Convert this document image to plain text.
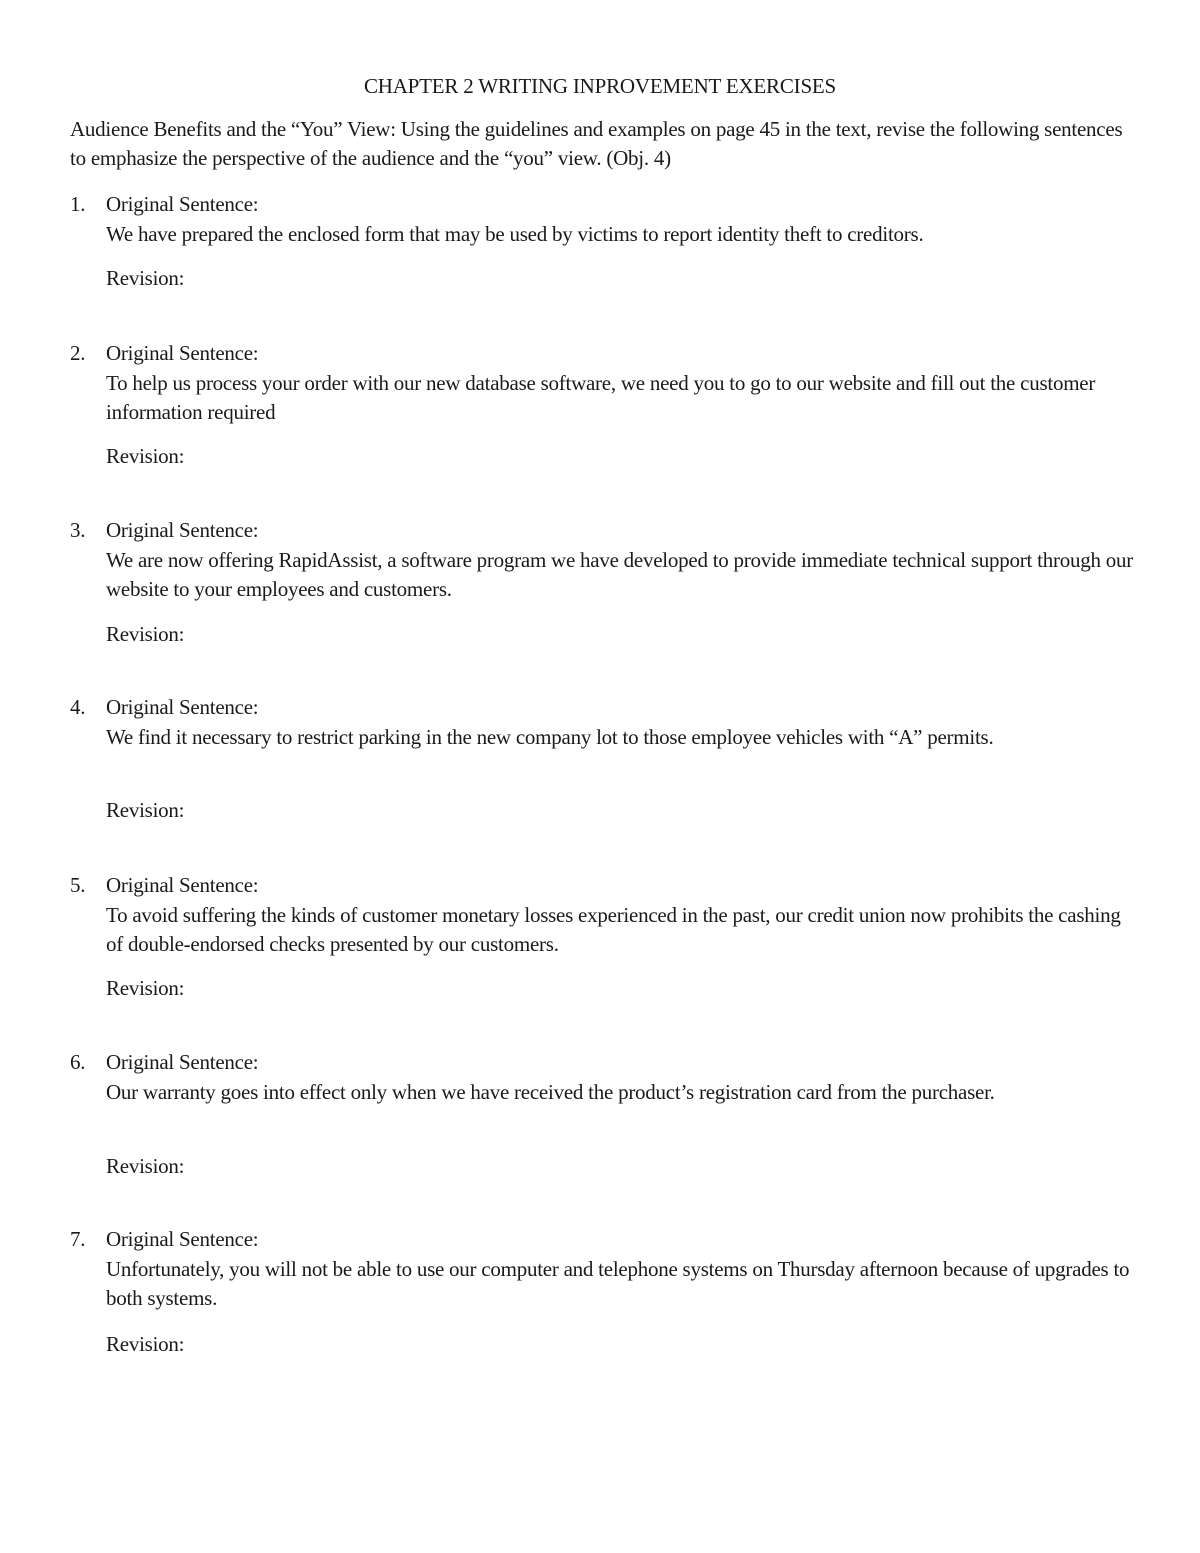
CHAPTER 2 WRITING INPROVEMENT EXERCISES
Audience Benefits and the “You” View: Using the guidelines and examples on page 45 in the text, revise the following sentences to emphasize the perspective of the audience and the “you” view. (Obj. 4)
1. Original Sentence:
We have prepared the enclosed form that may be used by victims to report identity theft to creditors.
Revision:
2. Original Sentence:
To help us process your order with our new database software, we need you to go to our website and fill out the customer information required
Revision:
3. Original Sentence:
We are now offering RapidAssist, a software program we have developed to provide immediate technical support through our website to your employees and customers.
Revision:
4. Original Sentence:
We find it necessary to restrict parking in the new company lot to those employee vehicles with “A” permits.
Revision:
5. Original Sentence:
To avoid suffering the kinds of customer monetary losses experienced in the past, our credit union now prohibits the cashing of double-endorsed checks presented by our customers.
Revision:
6. Original Sentence:
Our warranty goes into effect only when we have received the product’s registration card from the purchaser.
Revision:
7. Original Sentence:
Unfortunately, you will not be able to use our computer and telephone systems on Thursday afternoon because of upgrades to both systems.
Revision:
